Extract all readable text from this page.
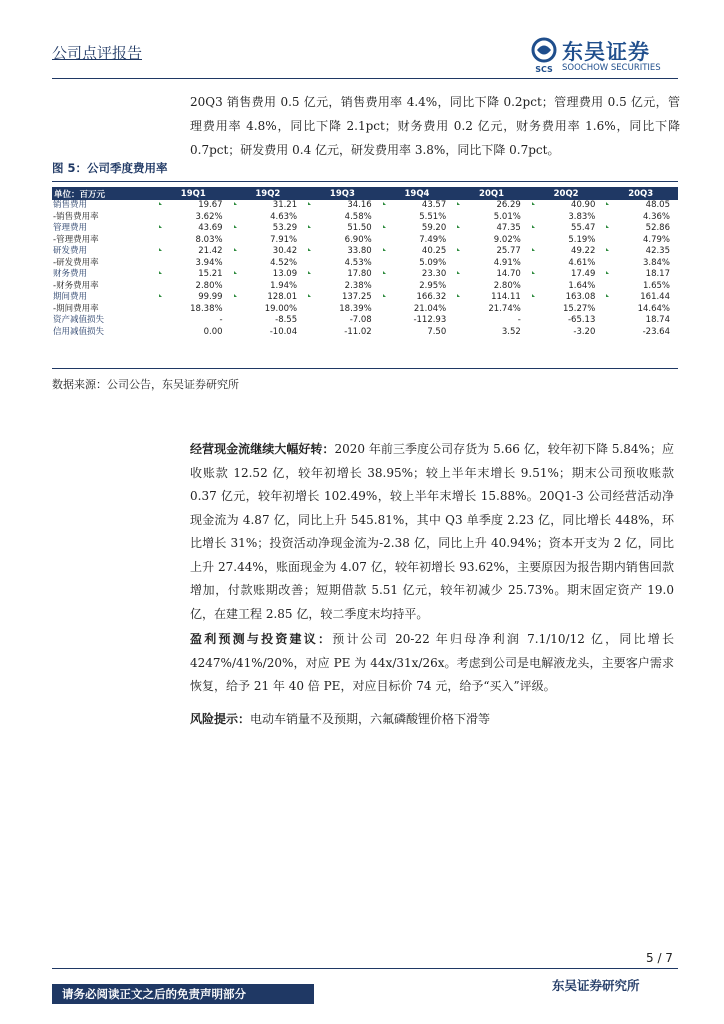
公司点评报告
SCS
东吴证券
SOOCHOW SECURITIES

20Q3 销售费用 0.5 亿元，销售费用率 4.4%，同比下降 0.2pct；管理费用 0.5 亿元，管理费用率 4.8%，同比下降 2.1pct；财务费用 0.2 亿元，财务费用率 1.6%，同比下降 0.7pct；研发费用 0.4 亿元，研发费用率 3.8%，同比下降 0.7pct。

图 5：公司季度费用率
单位：百万元	19Q1	19Q2	19Q3	19Q4	20Q1	20Q2	20Q3
销售费用	19.67	31.21	34.16	43.57	26.29	40.90	48.05
-销售费用率	3.62%	4.63%	4.58%	5.51%	5.01%	3.83%	4.36%
管理费用	43.69	53.29	51.50	59.20	47.35	55.47	52.86
-管理费用率	8.03%	7.91%	6.90%	7.49%	9.02%	5.19%	4.79%
研发费用	21.42	30.42	33.80	40.25	25.77	49.22	42.35
-研发费用率	3.94%	4.52%	4.53%	5.09%	4.91%	4.61%	3.84%
财务费用	15.21	13.09	17.80	23.30	14.70	17.49	18.17
-财务费用率	2.80%	1.94%	2.38%	2.95%	2.80%	1.64%	1.65%
期间费用	99.99	128.01	137.25	166.32	114.11	163.08	161.44
-期间费用率	18.38%	19.00%	18.39%	21.04%	21.74%	15.27%	14.64%
资产减值损失	-	-8.55	-7.08	-112.93	-	-65.13	18.74
信用减值损失	0.00	-10.04	-11.02	7.50	3.52	-3.20	-23.64
数据来源：公司公告，东吴证券研究所

经营现金流继续大幅好转：2020 年前三季度公司存货为 5.66 亿，较年初下降 5.84%；应收账款 12.52 亿，较年初增长 38.95%；较上半年末增长 9.51%；期末公司预收账款 0.37 亿元，较年初增长 102.49%，较上半年末增长 15.88%。20Q1-3 公司经营活动净现金流为 4.87 亿，同比上升 545.81%，其中 Q3 单季度 2.23 亿，同比增长 448%，环比增长 31%；投资活动净现金流为-2.38 亿，同比上升 40.94%；资本开支为 2 亿，同比上升 27.44%，账面现金为 4.07 亿，较年初增长 93.62%，主要原因为报告期内销售回款增加，付款账期改善；短期借款 5.51 亿元，较年初减少 25.73%。期末固定资产 19.0 亿，在建工程 2.85 亿，较二季度末均持平。

盈利预测与投资建议：预计公司 20-22 年归母净利润 7.1/10/12 亿，同比增长 4247%/41%/20%，对应 PE 为 44x/31x/26x。考虑到公司是电解液龙头，主要客户需求恢复，给予 21 年 40 倍 PE，对应目标价 74 元，给予“买入”评级。

风险提示：电动车销量不及预期，六氟磷酸锂价格下滑等

5 / 7
东吴证券研究所
请务必阅读正文之后的免责声明部分
